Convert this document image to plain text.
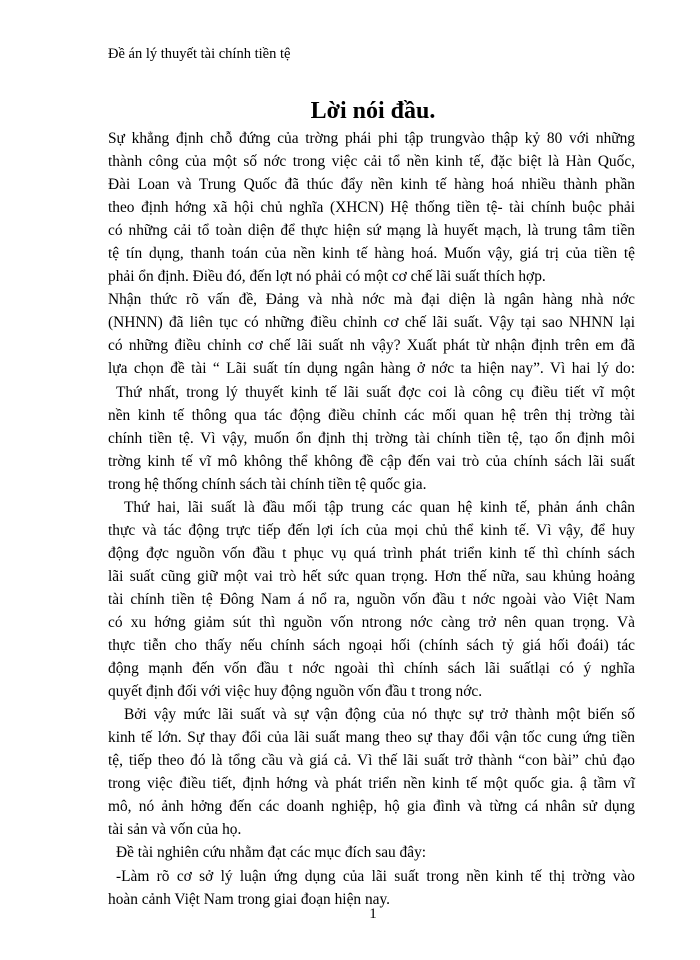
Đề án lý thuyết tài chính tiền tệ
Lời nói đầu.
Sự khẳng định chỗ đứng của trờng phái phi tập trungvào thập kỷ 80 với những
thành công của một số nớc trong việc cải tổ nền kinh tế, đặc biệt là Hàn Quốc,
Đài Loan và Trung Quốc đã thúc đẩy nền kinh tế hàng hoá nhiều thành phần
theo định hớng xã hội chủ nghĩa (XHCN) Hệ thống tiền tệ- tài chính buộc phải
có những cải tổ toàn diện để thực hiện sứ mạng là huyết mạch, là trung tâm tiền
tệ tín dụng, thanh toán của nền kinh tế hàng hoá. Muốn vậy, giá trị của tiền tệ
phải ổn định. Điều đó, đến lợt nó phải có một cơ chế lãi suất thích hợp.
Nhận thức rõ vấn đề, Đảng và nhà nớc mà đại diện là ngân hàng nhà nớc
(NHNN) đã liên tục có những điều chỉnh cơ chế lãi suất. Vậy tại sao NHNN lại
có những điều chỉnh cơ chế lãi suất nh vậy? Xuất phát từ nhận định trên em đã
lựa chọn đề tài “ Lãi suất tín dụng ngân hàng ở nớc ta hiện nay”. Vì hai lý do:
Thứ nhất, trong lý thuyết kinh tế lãi suất đợc coi là công cụ điều tiết vĩ một
nền kinh tế thông qua tác động điều chỉnh các mối quan hệ trên thị trờng tài
chính tiền tệ. Vì vậy, muốn ổn định thị trờng tài chính tiền tệ, tạo ổn định môi
trờng kinh tế vĩ mô không thể không đề cập đến vai trò của chính sách lãi suất
trong hệ thống chính sách tài chính tiền tệ quốc gia.
Thứ hai, lãi suất là đầu mối tập trung các quan hệ kinh tế, phản ánh chân
thực và tác động trực tiếp đến lợi ích của mọi chủ thể kinh tế. Vì vậy, để huy
động đợc nguồn vốn đầu t phục vụ quá trình phát triển kinh tế thì chính sách
lãi suất cũng giữ một vai trò hết sức quan trọng. Hơn thế nữa, sau khủng hoảng
tài chính tiền tệ Đông Nam á nổ ra, nguồn vốn đầu t nớc ngoài vào Việt Nam
có xu hớng giảm sút thì nguồn vốn ntrong nớc càng trở nên quan trọng. Và
thực tiễn cho thấy nếu chính sách ngoại hối (chính sách tỷ giá hối đoái) tác
động mạnh đến vốn đầu t nớc ngoài thì chính sách lãi suấtlại có ý nghĩa
quyết định đối với việc huy động nguồn vốn đầu t trong nớc.
Bởi vậy mức lãi suất và sự vận động của nó thực sự trở thành một biến số
kinh tế lớn. Sự thay đổi của lãi suất mang theo sự thay đổi vận tốc cung ứng tiền
tệ, tiếp theo đó là tổng cầu và giá cả. Vì thế lãi suất trở thành “con bài” chủ đạo
trong việc điều tiết, định hớng và phát triển nền kinh tế một quốc gia. ậ tầm vĩ
mô, nó ảnh hởng đến các doanh nghiệp, hộ gia đình và từng cá nhân sử dụng
tài sản và vốn của họ.
Đề tài nghiên cứu nhằm đạt các mục đích sau đây:
-Làm rõ cơ sở lý luận ứng dụng của lãi suất trong nền kinh tế thị trờng vào
hoàn cảnh Việt Nam trong giai đoạn hiện nay.
1
